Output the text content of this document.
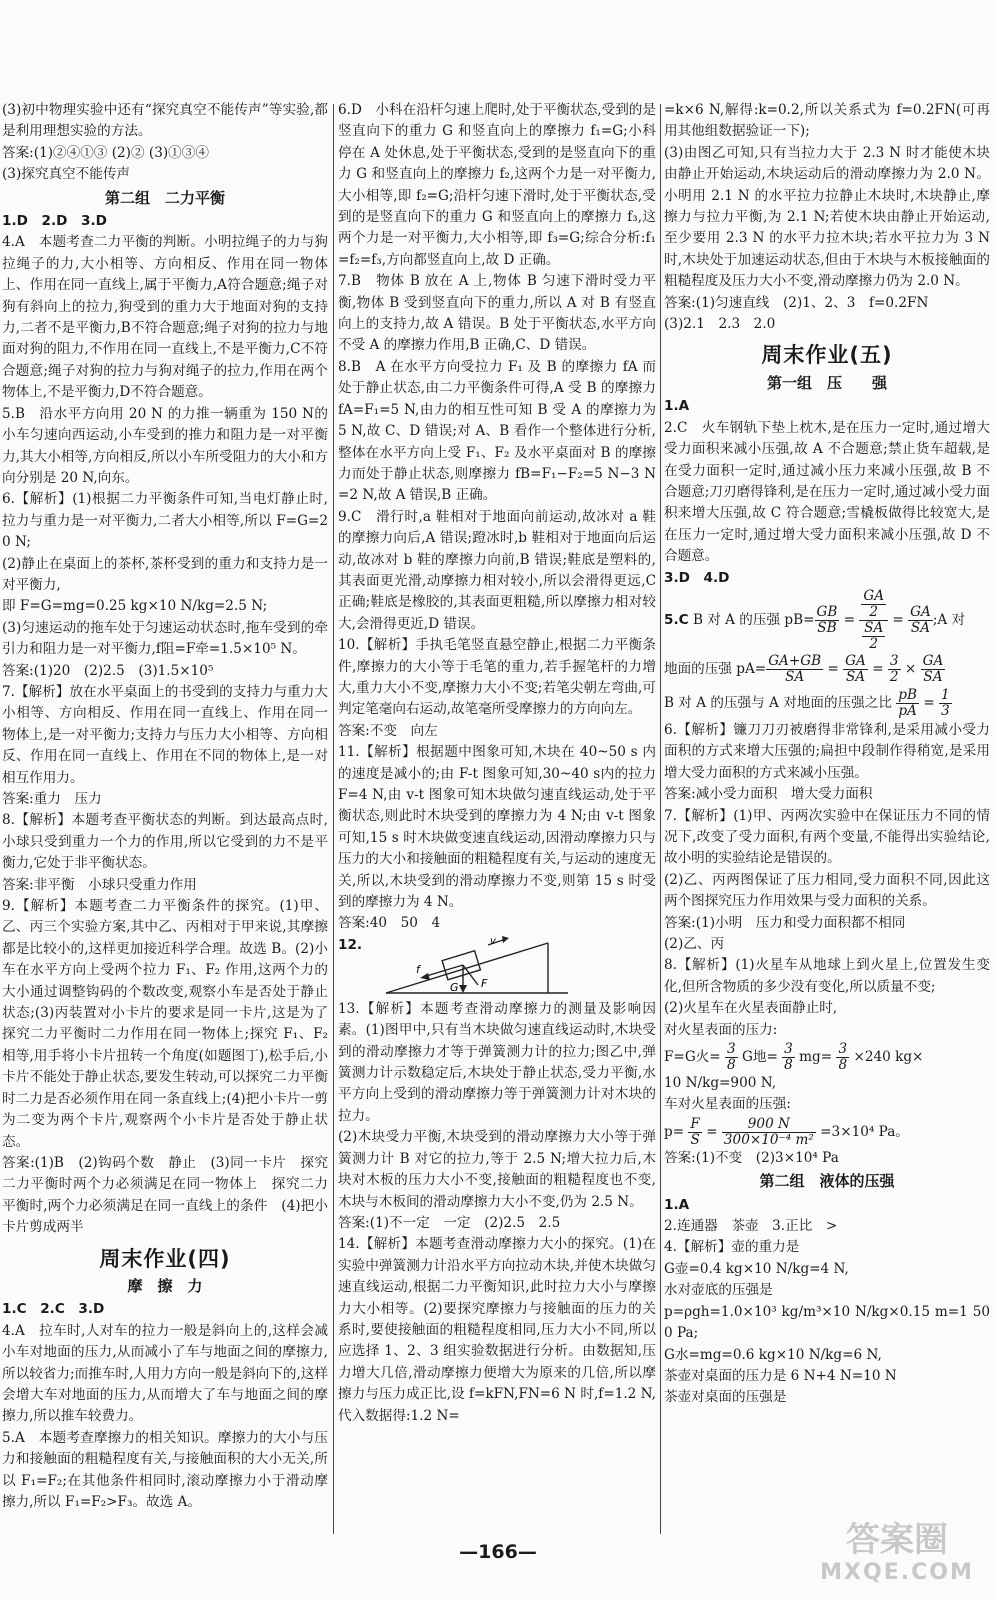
(3)初中物理实验中还有“探究真空不能传声”等实验,都是利用理想实验的方法。

答案:(1)②④①③ (2)② (3)①③④

(3)探究真空不能传声

第二组　二力平衡

1.D　2.D　3.D

4.A　本题考查二力平衡的判断。小明拉绳子的力与狗拉绳子的力,大小相等、方向相反、作用在同一物体上、作用在同一直线上,属于平衡力,A符合题意;绳子对狗有斜向上的拉力,狗受到的重力大于地面对狗的支持力,二者不是平衡力,B不符合题意;绳子对狗的拉力与地面对狗的阻力,不作用在同一直线上,不是平衡力,C不符合题意;绳子对狗的拉力与狗对绳子的拉力,作用在两个物体上,不是平衡力,D不符合题意。

5.B　沿水平方向用 20 N 的力推一辆重为 150 N的小车匀速向西运动,小车受到的推力和阻力是一对平衡力,其大小相等,方向相反,所以小车所受阻力的大小和方向分别是 20 N,向东。

6.【解析】(1)根据二力平衡条件可知,当电灯静止时,拉力与重力是一对平衡力,二者大小相等,所以 F=G=20 N;

(2)静止在桌面上的茶杯,茶杯受到的重力和支持力是一对平衡力,

即 F=G=mg=0.25 kg×10 N/kg=2.5 N;

(3)匀速运动的拖车处于匀速运动状态时,拖车受到的牵引力和阻力是一对平衡力,f阻=F牵=1.5×10⁵ N。

答案:(1)20　(2)2.5　(3)1.5×10⁵

7.【解析】放在水平桌面上的书受到的支持力与重力大小相等、方向相反、作用在同一直线上、作用在同一物体上,是一对平衡力;支持力与压力大小相等、方向相反、作用在同一直线上、作用在不同的物体上,是一对相互作用力。

答案:重力　压力

8.【解析】本题考查平衡状态的判断。到达最高点时,小球只受到重力一个力的作用,所以它受到的力不是平衡力,它处于非平衡状态。

答案:非平衡　小球只受重力作用

9.【解析】本题考查二力平衡条件的探究。(1)甲、乙、丙三个实验方案,其中乙、丙相对于甲来说,其摩擦都是比较小的,这样更加接近科学合理。故选 B。(2)小车在水平方向上受两个拉力 F₁、F₂ 作用,这两个力的大小通过调整钩码的个数改变,观察小车是否处于静止状态;(3)丙装置对小卡片的要求是同一卡片,这是为了探究二力平衡时二力作用在同一物体上;探究 F₁、F₂ 相等,用手将小卡片扭转一个角度(如题图丁),松手后,小卡片不能处于静止状态,要发生转动,可以探究二力平衡时二力是否必须作用在同一条直线上;(4)把小卡片一剪为二变为两个卡片,观察两个小卡片是否处于静止状态。

答案:(1)B　(2)钩码个数　静止　(3)同一卡片　探究二力平衡时两个力必须满足在同一物体上　探究二力平衡时,两个力必须满足在同一直线上的条件　(4)把小卡片剪成两半

周末作业(四)
摩　擦　力

1.C　2.C　3.D

4.A　拉车时,人对车的拉力一般是斜向上的,这样会减小车对地面的压力,从而减小了车与地面之间的摩擦力,所以较省力;而推车时,人用力方向一般是斜向下的,这样会增大车对地面的压力,从而增大了车与地面之间的摩擦力,所以推车较费力。

5.A　本题考查摩擦力的相关知识。摩擦力的大小与压力和接触面的粗糙程度有关,与接触面积的大小无关,所以 F₁=F₂;在其他条件相同时,滚动摩擦力小于滑动摩擦力,所以 F₁=F₂>F₃。故选 A。

6.D　小科在沿杆匀速上爬时,处于平衡状态,受到的是竖直向下的重力 G 和竖直向上的摩擦力 f₁=G;小科停在 A 处休息,处于平衡状态,受到的是竖直向下的重力 G 和竖直向上的摩擦力 f₂,这两个力是一对平衡力,大小相等,即 f₂=G;沿杆匀速下滑时,处于平衡状态,受到的是竖直向下的重力 G 和竖直向上的摩擦力 f₃,这两个力是一对平衡力,大小相等,即 f₃=G;综合分析:f₁=f₂=f₃,方向都竖直向上,故 D 正确。

7.B　物体 B 放在 A 上,物体 B 匀速下滑时受力平衡,物体 B 受到竖直向下的重力,所以 A 对 B 有竖直向上的支持力,故 A 错误。B 处于平衡状态,水平方向不受 A 的摩擦力作用,B 正确,C、D 错误。

8.B　A 在水平方向受拉力 F₁ 及 B 的摩擦力 fA 而处于静止状态,由二力平衡条件可得,A 受 B 的摩擦力 fA=F₁=5 N,由力的相互性可知 B 受 A 的摩擦力为 5 N,故 C、D 错误;对 A、B 看作一个整体进行分析,整体在水平方向上受 F₁、F₂ 及水平桌面对 B 的摩擦力而处于静止状态,则摩擦力 fB=F₁−F₂=5 N−3 N=2 N,故 A 错误,B 正确。

9.C　滑行时,a 鞋相对于地面向前运动,故冰对 a 鞋的摩擦力向后,A 错误;蹬冰时,b 鞋相对于地面向后运动,故冰对 b 鞋的摩擦力向前,B 错误;鞋底是塑料的,其表面更光滑,动摩擦力相对较小,所以会滑得更远,C 正确;鞋底是橡胶的,其表面更粗糙,所以摩擦力相对较大,会滑得更近,D 错误。

10.【解析】手执毛笔竖直悬空静止,根据二力平衡条件,摩擦力的大小等于毛笔的重力,若手握笔杆的力增大,重力大小不变,摩擦力大小不变;若笔尖朝左弯曲,可判定笔毫向右运动,故笔毫所受摩擦力的方向向左。

答案:不变　向左

11.【解析】根据题中图象可知,木块在 40~50 s 内的速度是减小的;由 F-t 图象可知,30~40 s内的拉力 F=4 N,由 v-t 图象可知木块做匀速直线运动,处于平衡状态,则此时木块受到的摩擦力为 4 N;由 v-t 图象可知,15 s 时木块做变速直线运动,因滑动摩擦力只与压力的大小和接触面的粗糙程度有关,与运动的速度无关,所以,木块受到的滑动摩擦力不变,则第 15 s 时受到的摩擦力为 4 N。

答案:40　50　4

12.	v
f
G F

13.【解析】本题考查滑动摩擦力的测量及影响因素。(1)图甲中,只有当木块做匀速直线运动时,木块受到的滑动摩擦力才等于弹簧测力计的拉力;图乙中,弹簧测力计示数稳定后,木块处于静止状态,受力平衡,水平方向上受到的滑动摩擦力等于弹簧测力计对木块的拉力。

(2)木块受力平衡,木块受到的滑动摩擦力大小等于弹簧测力计 B 对它的拉力,等于 2.5 N;增大拉力后,木块对木板的压力大小不变,接触面的粗糙程度也不变,木块与木板间的滑动摩擦力大小不变,仍为 2.5 N。

答案:(1)不一定　一定　(2)2.5　2.5

14.【解析】本题考查滑动摩擦力大小的探究。(1)在实验中弹簧测力计沿水平方向拉动木块,并使木块做匀速直线运动,根据二力平衡知识,此时拉力大小与摩擦力大小相等。(2)要探究摩擦力与接触面的压力的关系时,要使接触面的粗糙程度相同,压力大小不同,所以应选择 1、2、3 组实验数据进行分析。由数据知,压力增大几倍,滑动摩擦力便增大为原来的几倍,所以摩擦力与压力成正比,设 f=kFN,FN=6 N 时,f=1.2 N,代入数据得:1.2 N=

=k×6 N,解得:k=0.2,所以关系式为 f=0.2FN(可再用其他组数据验证一下);

(3)由图乙可知,只有当拉力大于 2.3 N 时才能使木块由静止开始运动,木块运动后的滑动摩擦力为 2.0 N。小明用 2.1 N 的水平拉力拉静止木块时,木块静止,摩擦力与拉力平衡,为 2.1 N;若使木块由静止开始运动,至少要用 2.3 N 的水平力拉木块;若水平拉力为 3 N 时,木块处于加速运动状态,但由于木块与木板接触面的粗糙程度及压力大小不变,滑动摩擦力仍为 2.0 N。

答案:(1)匀速直线　(2)1、2、3　f=0.2FN

(3)2.1　2.3　2.0

周末作业(五)
第一组　压　　强

1.A

2.C　火车钢轨下垫上枕木,是在压力一定时,通过增大受力面积来减小压强,故 A 不合题意;禁止货车超载,是在受力面积一定时,通过减小压力来减小压强,故 B 不合题意;刀刃磨得锋利,是在压力一定时,通过减小受力面积来增大压强,故 C 符合题意;雪橇板做得比较宽大,是在压力一定时,通过增大受力面积来减小压强,故 D 不合题意。

3.D　4.D

5.C B 对 A 的压强 $pB= \frac{GB}{SB} = \frac{\frac{GA}{2}}{\frac{SA}{2}} = \frac{GA}{SA}$ ;A 对
地面的压强 $pA= \frac{GA+GB}{SA} = \frac{GA}{SA} = \frac{3}{2} \times \frac{GA}{SA}$
B 对 A 的压强与 A 对地面的压强之比 $\frac{pB}{pA} = \frac{1}{3}$

6.【解析】镰刀刀刃被磨得非常锋利,是采用减小受力面积的方式来增大压强的;扁担中段制作得稍宽,是采用增大受力面积的方式来减小压强。

答案:减小受力面积　增大受力面积

7.【解析】(1)甲、丙两次实验中在保证压力不同的情况下,改变了受力面积,有两个变量,不能得出实验结论,故小明的实验结论是错误的。

(2)乙、丙两图保证了压力相同,受力面积不同,因此这两个图探究压力作用效果与受力面积的关系。

答案:(1)小明　压力和受力面积都不相同

(2)乙、丙

8.【解析】(1)火星车从地球上到火星上,位置发生变化,但所含物质的多少没有变化,所以质量不变;

(2)火星车在火星表面静止时,

对火星表面的压力:

F=G火= $\frac{3}{8}$ G地= $\frac{3}{8} mg= \frac{3}{8} \times 240$ kg×

10 N/kg=900 N,

车对火星表面的压强:

$p= \frac{F}{S} = \frac{900 N}{\text{300×10⁻⁴ m²}} =3\times 10^4$ Pa。

答案:(1)不变　(2)3×10⁴ Pa

第二组　液体的压强

1.A

2.连通器　茶壶　3.正比　>

4.【解析】壶的重力是

G壶=0.4 kg×10 N/kg=4 N,

水对壶底的压强是

p=ρgh=1.0×10³ kg/m³×10 N/kg×0.15 m=1 500 Pa;

G水=mg=0.6 kg×10 N/kg=6 N,

茶壶对桌面的压力是 6 N+4 N=10 N

茶壶对桌面的压强是

—166—	答案圈
MXQE.COM
